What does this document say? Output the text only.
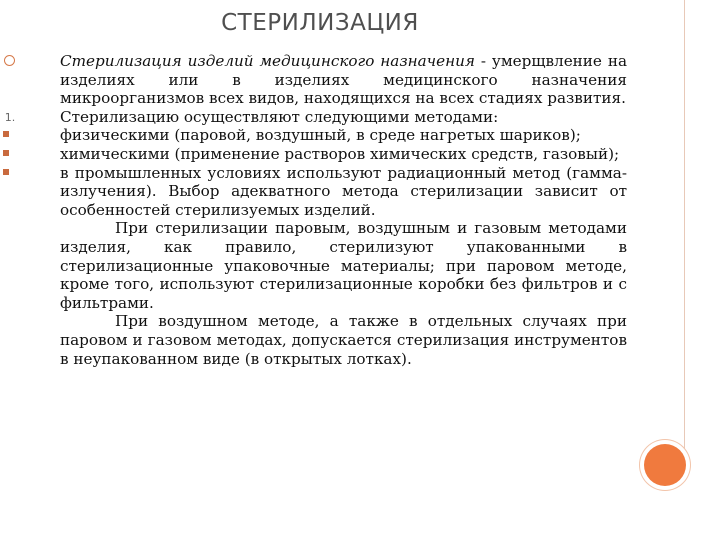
СТЕРИЛИЗАЦИЯ

Стерилизация изделий медицинского назначения - умерщвление на изделиях или в изделиях медицинского назначения микроорганизмов всех видов, находящихся на всех стадиях развития.

1.	Стерилизацию осуществляют следующими методами:

физическими (паровой, воздушный, в среде нагретых шариков);

химическими (применение растворов химических средств, газовый);

в промышленных условиях используют радиационный метод (гамма-излучения). Выбор адекватного метода стерилизации зависит от особенностей стерилизуемых изделий.

При стерилизации паровым, воздушным и газовым методами изделия, как правило, стерилизуют упакованными в стерилизационные упаковочные материалы; при паровом методе, кроме того, используют стерилизационные коробки без фильтров и с фильтрами.

При воздушном методе, а также в отдельных случаях при паровом и газовом методах, допускается стерилизация инструментов в неупакованном виде (в открытых лотках).
